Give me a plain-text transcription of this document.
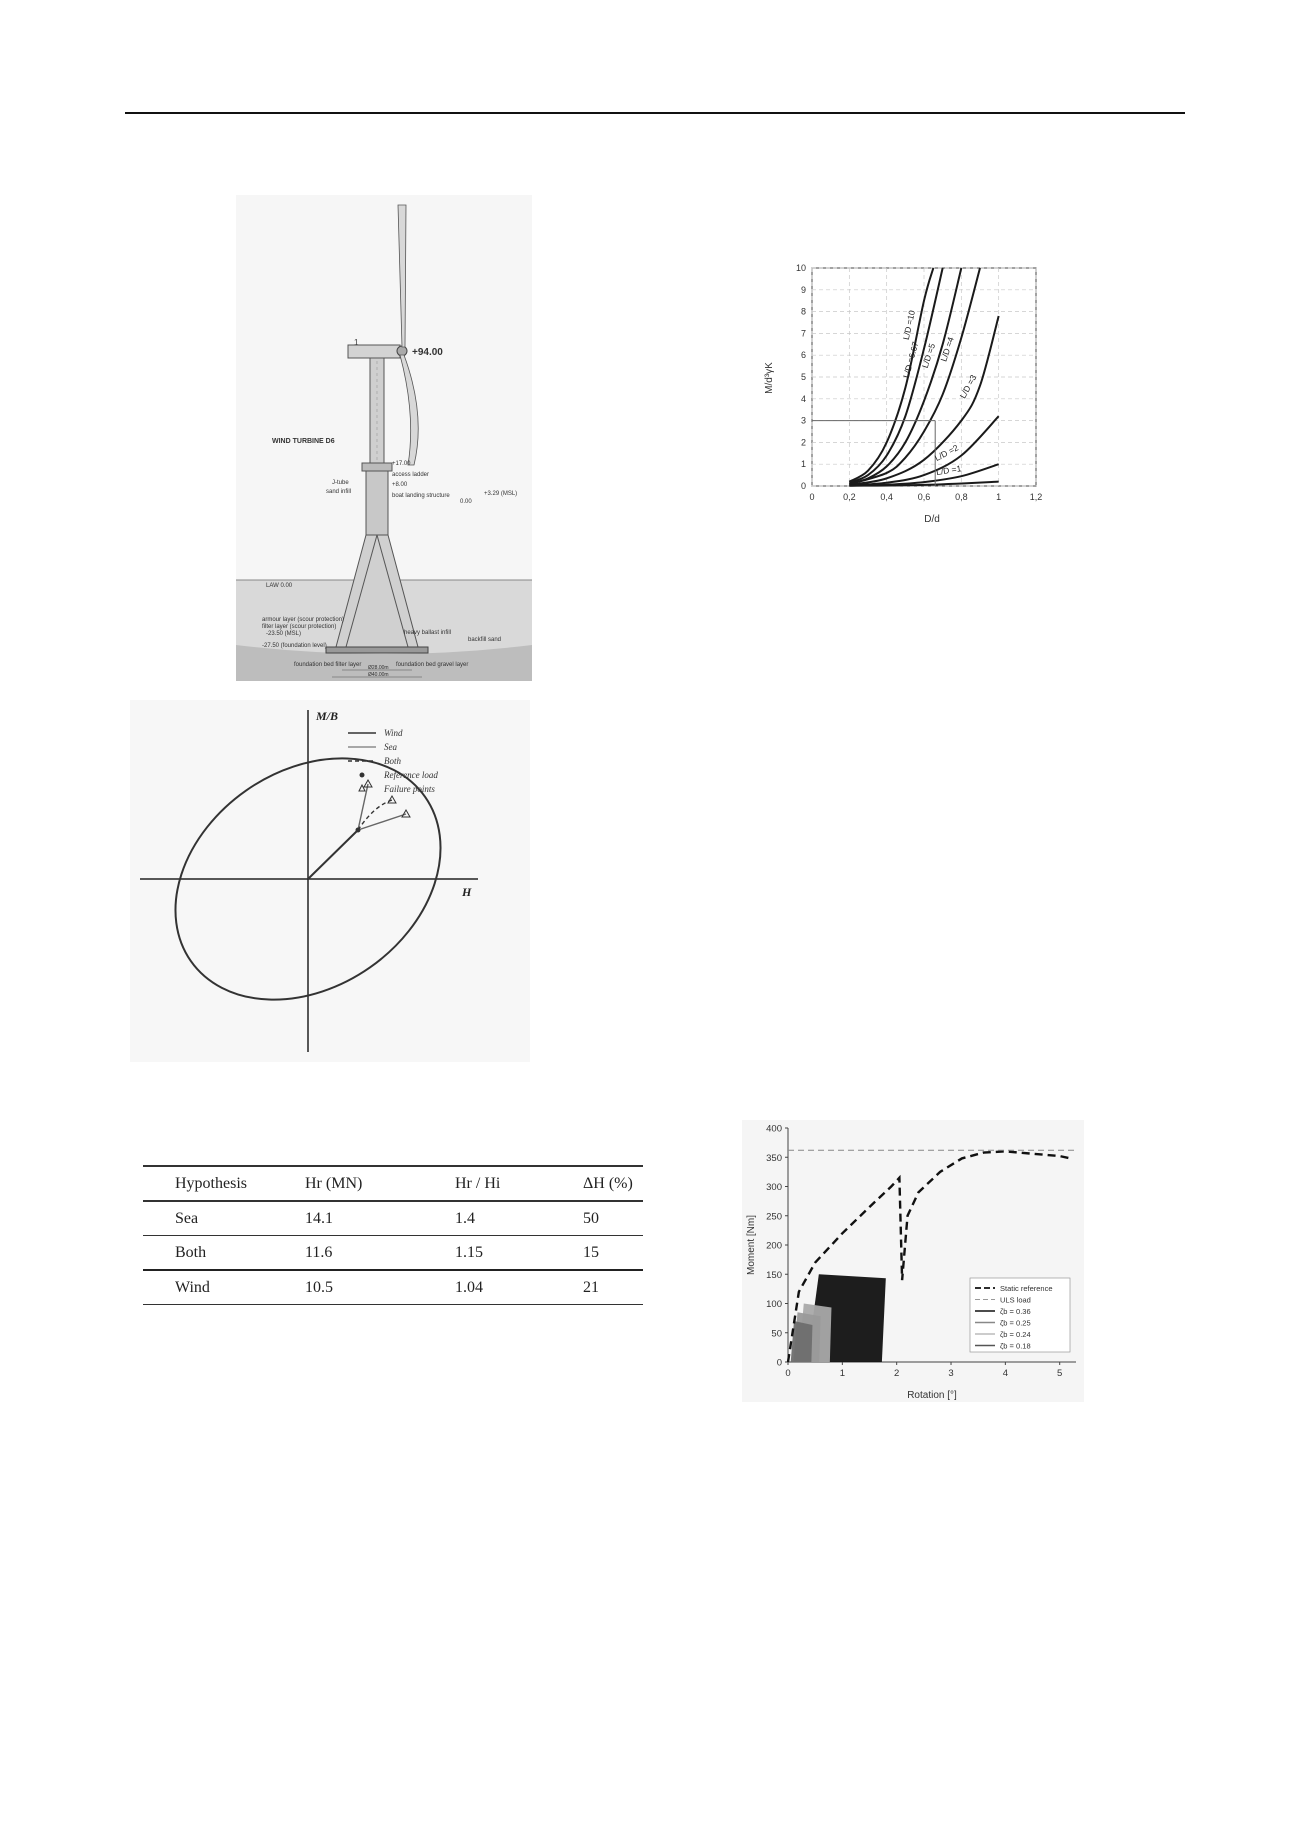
+94.00
1
WIND TURBINE D6
+17.00
access ladder
J-tube	+8.00
sand infill
boat landing structure	+3.29 (MSL)
0.00
LAW 0.00
armour layer (scour protection)
filter layer (scour protection)
-23.50 (MSL)
-27.50 (foundation level)
heavy ballast infill
backfill sand
foundation bed filter layer	foundation bed gravel layer
Ø28.00m
Ø40.00m
M/B
H
Wind
Sea
Both
Reference load
Failure points
Hypothesis	Hr (MN)	Hr / Hi	ΔH (%)
Sea	14.1	1.4	50
Both	11.6	1.15	15
Wind	10.5	1.04	21
0
1
2
3
4
5
6
7
8
9
10
0	0,2	0,4	0,6	0,8	1	1,2
L/D =10
L/D =6.67 L/D =5 L/D =4
L/D =3
L/D =2
L/D =1
D/d
M/d³γK
0
50
100
150
200
250
300
350
400
0	1	2	3	4	5
Static reference
ULS load
ζb = 0.36
ζb = 0.25
ζb = 0.24
ζb = 0.18
Rotation [°]
Moment [Nm]
